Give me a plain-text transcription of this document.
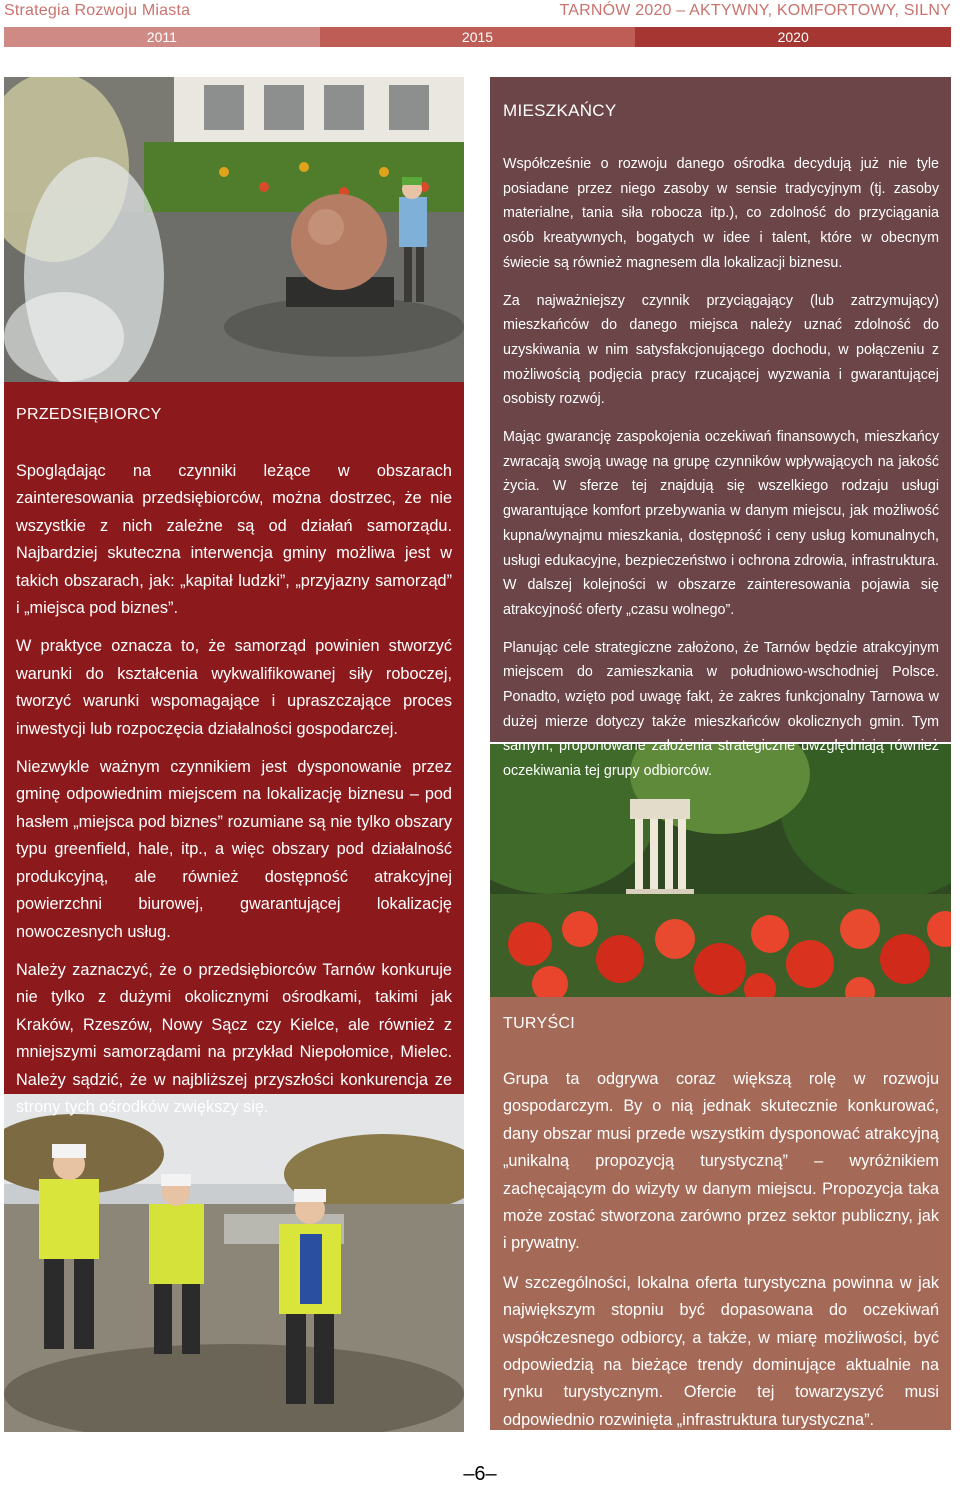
Strategia Rozwoju Miasta	TARNÓW 2020 – AKTYWNY, KOMFORTOWY, SILNY
2011	2015	2020
PRZEDSIĘBIORCY

Spoglądając na czynniki leżące w obszarach zainteresowania przedsiębiorców, można dostrzec, że nie wszystkie z nich zależne są od działań samorządu. Najbardziej skuteczna interwencja gminy możliwa jest w takich obszarach, jak: „kapitał ludzki”, „przyjazny samorząd” i „miejsca pod biznes”.

W praktyce oznacza to, że samorząd powinien stworzyć warunki do kształcenia wykwalifikowanej siły roboczej, tworzyć warunki wspomagające i upraszczające proces inwestycji lub rozpoczęcia działalności gospodarczej.

Niezwykle ważnym czynnikiem jest dysponowanie przez gminę odpowiednim miejscem na lokalizację biznesu – pod hasłem „miejsca pod biznes” rozumiane są nie tylko obszary typu greenfield, hale, itp., a więc obszary pod działalność produkcyjną, ale również dostępność atrakcyjnej powierzchni biurowej, gwarantującej lokalizację nowoczesnych usług.

Należy zaznaczyć, że o przedsiębiorców Tarnów konkuruje nie tylko z dużymi okolicznymi ośrodkami, takimi jak Kraków, Rzeszów, Nowy Sącz czy Kielce, ale również z mniejszymi samorządami na przykład Niepołomice, Mielec. Należy sądzić, że w najbliższej przyszłości konkurencja ze strony tych ośrodków zwiększy się.

MIESZKAŃCY

Współcześnie o rozwoju danego ośrodka decydują już nie tyle posiadane przez niego zasoby w sensie tradycyjnym (tj. zasoby materialne, tania siła robocza itp.), co zdolność do przyciągania osób kreatywnych, bogatych w idee i talent, które w obecnym świecie są również magnesem dla lokalizacji biznesu.

Za najważniejszy czynnik przyciągający (lub zatrzymujący) mieszkańców do danego miejsca należy uznać zdolność do uzyskiwania w nim satysfakcjonującego dochodu, w połączeniu z możliwością podjęcia pracy rzucającej wyzwania i gwarantującej osobisty rozwój.

Mając gwarancję zaspokojenia oczekiwań finansowych, mieszkańcy zwracają swoją uwagę na grupę czynników wpływających na jakość życia. W sferze tej znajdują się wszelkiego rodzaju usługi gwarantujące komfort przebywania w danym miejscu, jak możliwość kupna/wynajmu mieszkania, dostępność i ceny usług komunalnych, usługi edukacyjne, bezpieczeństwo i ochrona zdrowia, infrastruktura. W dalszej kolejności w obszarze zainteresowania pojawia się atrakcyjność oferty „czasu wolnego”.

Planując cele strategiczne założono, że Tarnów będzie atrakcyjnym miejscem do zamieszkania w południowo-wschodniej Polsce. Ponadto, wzięto pod uwagę fakt, że zakres funkcjonalny Tarnowa w dużej mierze dotyczy także mieszkańców okolicznych gmin. Tym samym, proponowane założenia strategiczne uwzględniają również oczekiwania tej grupy odbiorców.

TURYŚCI

Grupa ta odgrywa coraz większą rolę w rozwoju gospodarczym. By o nią jednak skutecznie konkurować, dany obszar musi przede wszystkim dysponować atrakcyjną „unikalną propozycją turystyczną” – wyróżnikiem zachęcającym do wizyty w danym miejscu. Propozycja taka może zostać stworzona zarówno przez sektor publiczny, jak i prywatny.

W szczególności, lokalna oferta turystyczna powinna w jak największym stopniu być dopasowana do oczekiwań współczesnego odbiorcy, a także, w miarę możliwości, być odpowiedzią na bieżące trendy dominujące aktualnie na rynku turystycznym. Ofercie tej towarzyszyć musi odpowiednio rozwinięta „infrastruktura turystyczna”.

–6–
